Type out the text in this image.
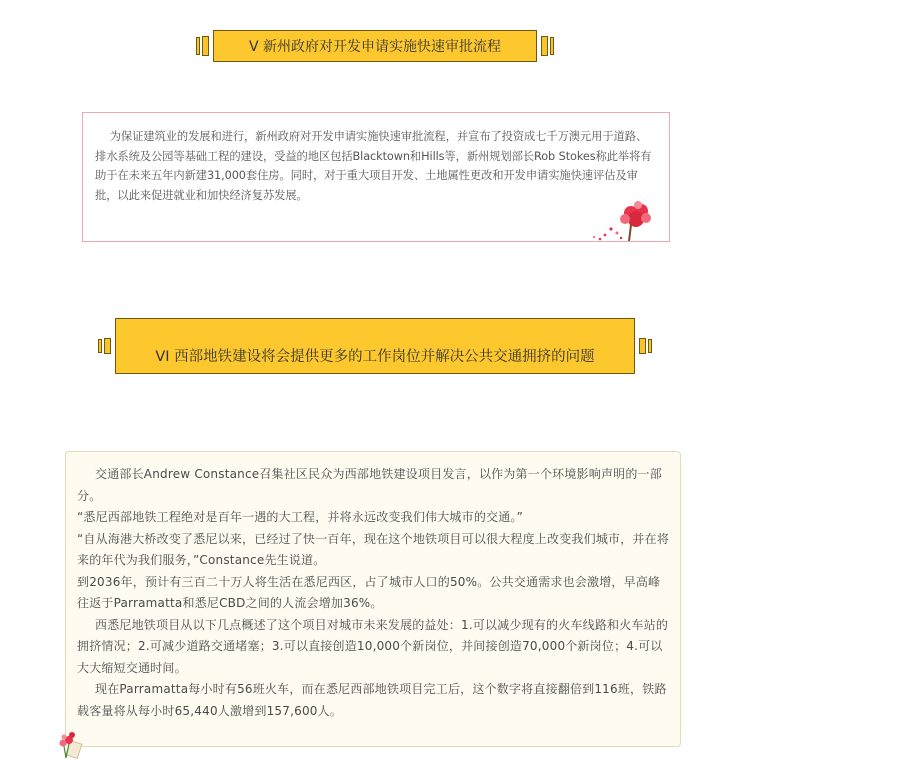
V 新州政府对开发申请实施快速审批流程

为保证建筑业的发展和进行，新州政府对开发申请实施快速审批流程，并宣布了投资成七千万澳元用于道路、排水系统及公园等基础工程的建设，受益的地区包括Blacktown和Hills等，新州规划部长Rob Stokes称此举将有助于在未来五年内新建31,000套住房。同时，对于重大项目开发、土地属性更改和开发申请实施快速评估及审批，以此来促进就业和加快经济复苏发展。

VI 西部地铁建设将会提供更多的工作岗位并解决公共交通拥挤的问题

交通部长Andrew Constance召集社区民众为西部地铁建设项目发言，以作为第一个环境影响声明的一部分。

“悉尼西部地铁工程绝对是百年一遇的大工程，并将永远改变我们伟大城市的交通。”

“自从海港大桥改变了悉尼以来，已经过了快一百年，现在这个地铁项目可以很大程度上改变我们城市，并在将来的年代为我们服务，”Constance先生说道。

到2036年，预计有三百二十万人将生活在悉尼西区，占了城市人口的50%。公共交通需求也会激增，早高峰往返于Parramatta和悉尼CBD之间的人流会增加36%。

西悉尼地铁项目从以下几点概述了这个项目对城市未来发展的益处：1.可以减少现有的火车线路和火车站的拥挤情况；2.可减少道路交通堵塞；3.可以直接创造10,000个新岗位，并间接创造70,000个新岗位；4.可以大大缩短交通时间。

现在Parramatta每小时有56班火车，而在悉尼西部地铁项目完工后，这个数字将直接翻倍到116班，铁路载客量将从每小时65,440人激增到157,600人。
